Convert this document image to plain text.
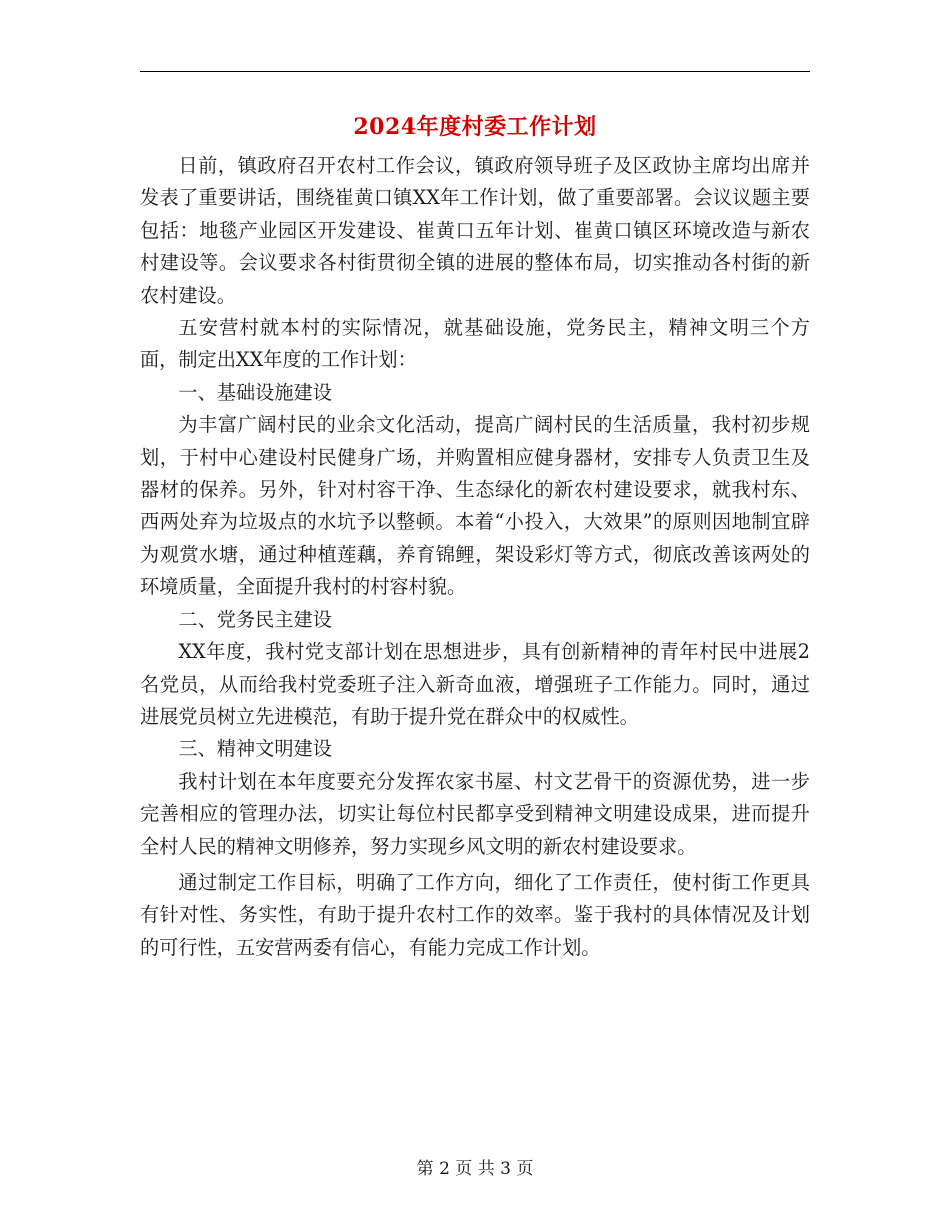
2024年度村委工作计划

日前，镇政府召开农村工作会议，镇政府领导班子及区政协主席均出席并发表了重要讲话，围绕崔黄口镇XX年工作计划，做了重要部署。会议议题主要包括：地毯产业园区开发建设、崔黄口五年计划、崔黄口镇区环境改造与新农村建设等。会议要求各村街贯彻全镇的进展的整体布局，切实推动各村街的新农村建设。

五安营村就本村的实际情况，就基础设施，党务民主，精神文明三个方面，制定出XX年度的工作计划：

一、基础设施建设

为丰富广阔村民的业余文化活动，提高广阔村民的生活质量，我村初步规划，于村中心建设村民健身广场，并购置相应健身器材，安排专人负责卫生及器材的保养。另外，针对村容干净、生态绿化的新农村建设要求，就我村东、西两处弃为垃圾点的水坑予以整顿。本着“小投入，大效果”的原则因地制宜辟为观赏水塘，通过种植莲藕，养育锦鲤，架设彩灯等方式，彻底改善该两处的环境质量，全面提升我村的村容村貌。

二、党务民主建设

XX年度，我村党支部计划在思想进步，具有创新精神的青年村民中进展2名党员，从而给我村党委班子注入新奇血液，增强班子工作能力。同时，通过进展党员树立先进模范，有助于提升党在群众中的权威性。

三、精神文明建设

我村计划在本年度要充分发挥农家书屋、村文艺骨干的资源优势，进一步完善相应的管理办法，切实让每位村民都享受到精神文明建设成果，进而提升全村人民的精神文明修养，努力实现乡风文明的新农村建设要求。

通过制定工作目标，明确了工作方向，细化了工作责任，使村街工作更具有针对性、务实性，有助于提升农村工作的效率。鉴于我村的具体情况及计划的可行性，五安营两委有信心，有能力完成工作计划。

第 2 页 共 3 页
